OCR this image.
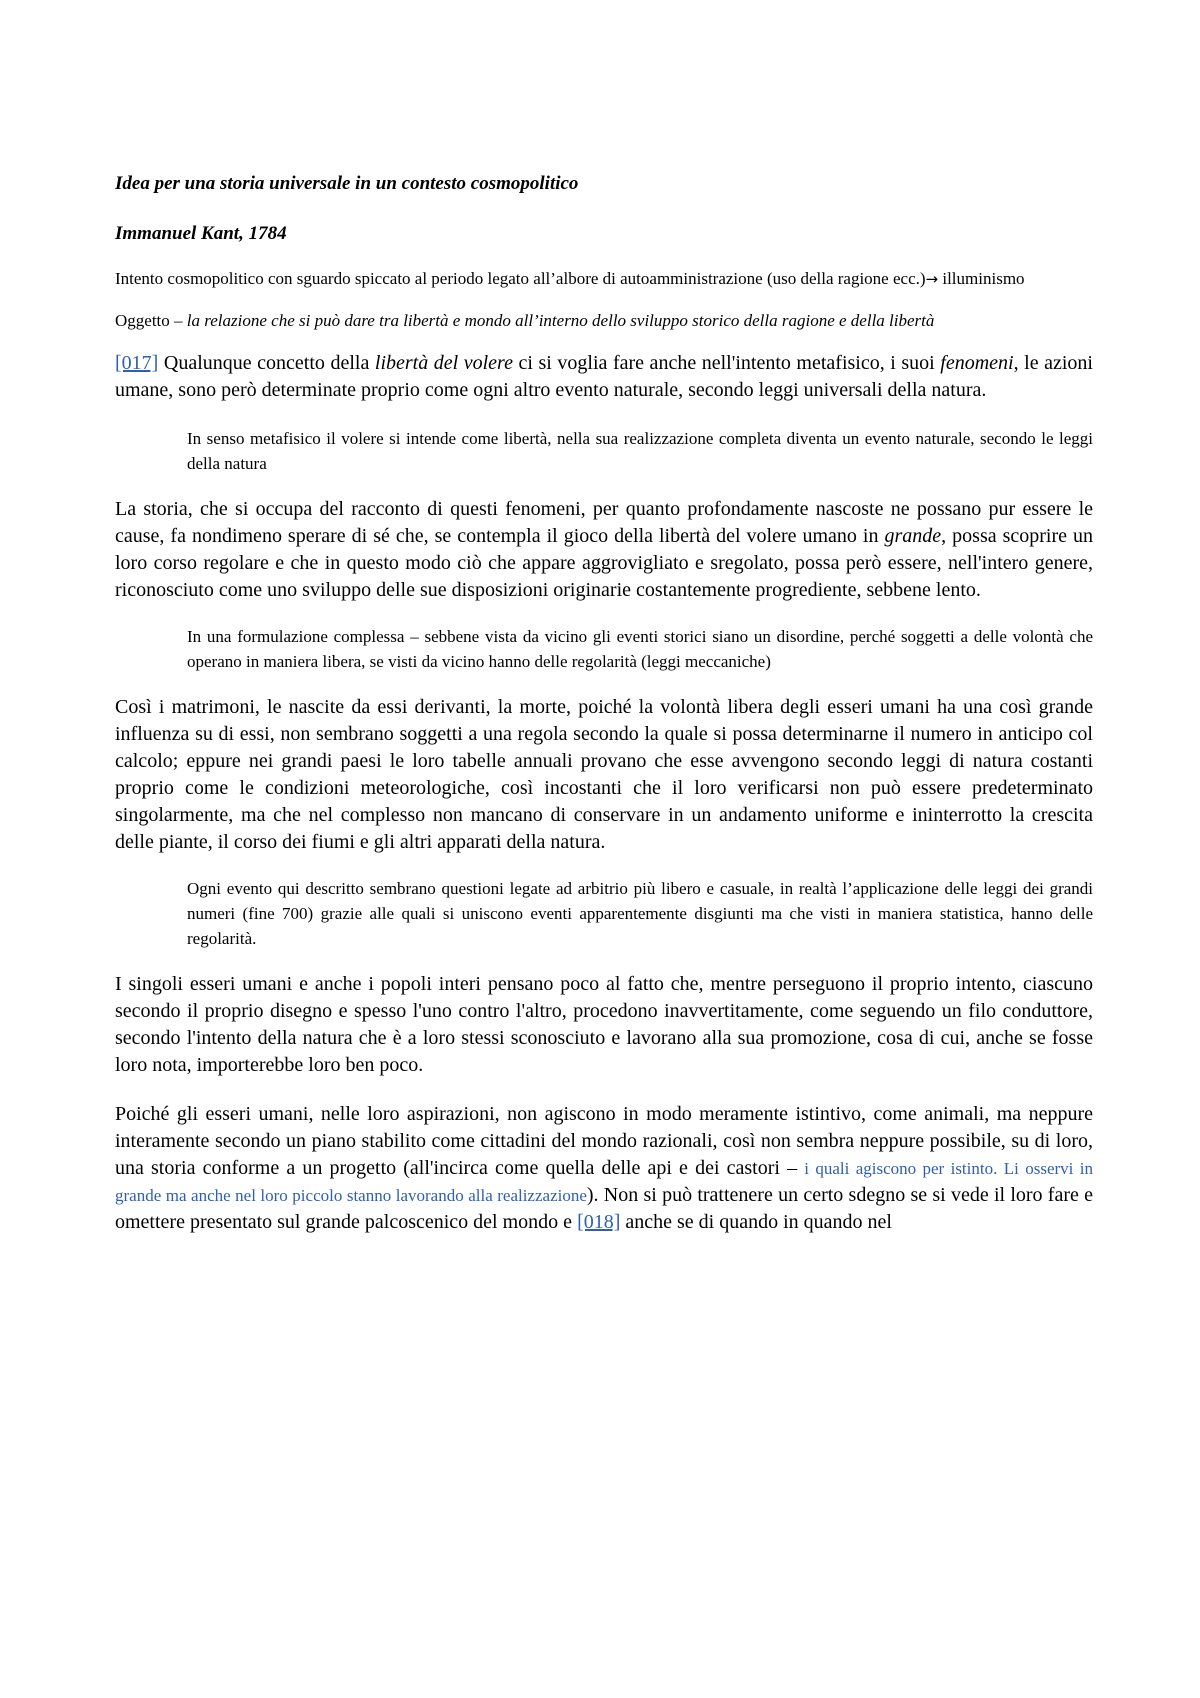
Idea per una storia universale in un contesto cosmopolitico
Immanuel Kant, 1784

Intento cosmopolitico con sguardo spiccato al periodo legato all’albore di autoamministrazione (uso della ragione ecc.)→ illuminismo

Oggetto – la relazione che si può dare tra libertà e mondo all’interno dello sviluppo storico della ragione e della libertà

[017] Qualunque concetto della libertà del volere ci si voglia fare anche nell'intento metafisico, i suoi fenomeni, le azioni umane, sono però determinate proprio come ogni altro evento naturale, secondo leggi universali della natura.

In senso metafisico il volere si intende come libertà, nella sua realizzazione completa diventa un evento naturale, secondo le leggi della natura

La storia, che si occupa del racconto di questi fenomeni, per quanto profondamente nascoste ne possano pur essere le cause, fa nondimeno sperare di sé che, se contempla il gioco della libertà del volere umano in grande, possa scoprire un loro corso regolare e che in questo modo ciò che appare aggrovigliato e sregolato, possa però essere, nell'intero genere, riconosciuto come uno sviluppo delle sue disposizioni originarie costantemente progrediente, sebbene lento.

In una formulazione complessa – sebbene vista da vicino gli eventi storici siano un disordine, perché soggetti a delle volontà che operano in maniera libera, se visti da vicino hanno delle regolarità (leggi meccaniche)

Così i matrimoni, le nascite da essi derivanti, la morte, poiché la volontà libera degli esseri umani ha una così grande influenza su di essi, non sembrano soggetti a una regola secondo la quale si possa determinarne il numero in anticipo col calcolo; eppure nei grandi paesi le loro tabelle annuali provano che esse avvengono secondo leggi di natura costanti proprio come le condizioni meteorologiche, così incostanti che il loro verificarsi non può essere predeterminato singolarmente, ma che nel complesso non mancano di conservare in un andamento uniforme e ininterrotto la crescita delle piante, il corso dei fiumi e gli altri apparati della natura.

Ogni evento qui descritto sembrano questioni legate ad arbitrio più libero e casuale, in realtà l’applicazione delle leggi dei grandi numeri (fine 700) grazie alle quali si uniscono eventi apparentemente disgiunti ma che visti in maniera statistica, hanno delle regolarità.

I singoli esseri umani e anche i popoli interi pensano poco al fatto che, mentre perseguono il proprio intento, ciascuno secondo il proprio disegno e spesso l'uno contro l'altro, procedono inavvertitamente, come seguendo un filo conduttore, secondo l'intento della natura che è a loro stessi sconosciuto e lavorano alla sua promozione, cosa di cui, anche se fosse loro nota, importerebbe loro ben poco.

Poiché gli esseri umani, nelle loro aspirazioni, non agiscono in modo meramente istintivo, come animali, ma neppure interamente secondo un piano stabilito come cittadini del mondo razionali, così non sembra neppure possibile, su di loro, una storia conforme a un progetto (all'incirca come quella delle api e dei castori – i quali agiscono per istinto. Li osservi in grande ma anche nel loro piccolo stanno lavorando alla realizzazione). Non si può trattenere un certo sdegno se si vede il loro fare e omettere presentato sul grande palcoscenico del mondo e [018] anche se di quando in quando nel
